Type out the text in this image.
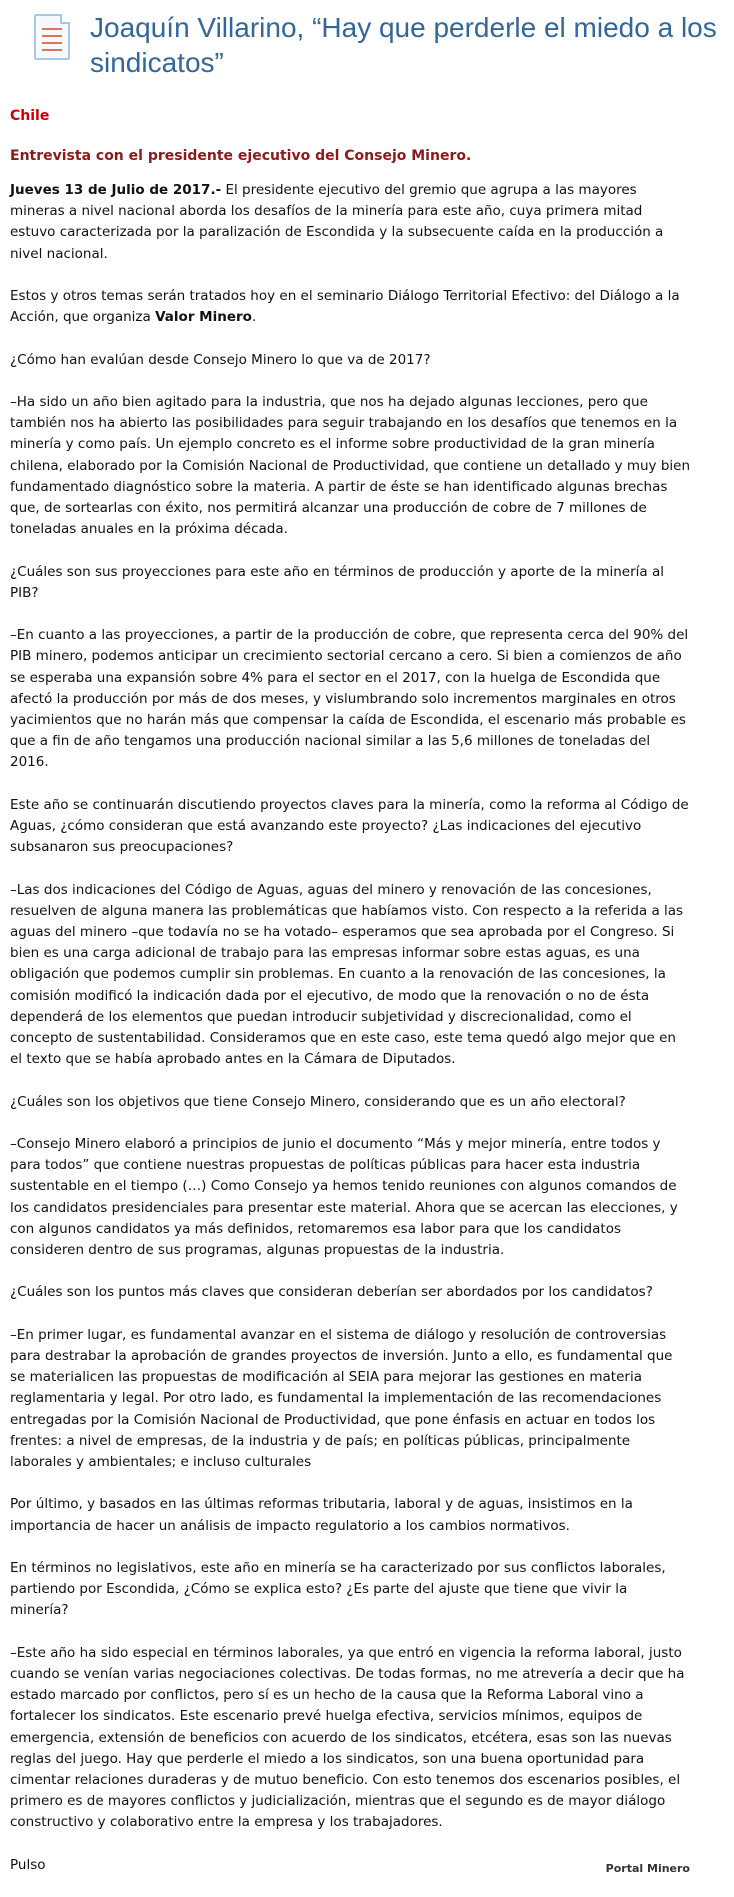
Joaquín Villarino, “Hay que perderle el miedo a los sindicatos”

Chile

Entrevista con el presidente ejecutivo del Consejo Minero.

Jueves 13 de Julio de 2017.- El presidente ejecutivo del gremio que agrupa a las mayores mineras a nivel nacional aborda los desafíos de la minería para este año, cuya primera mitad estuvo caracterizada por la paralización de Escondida y la subsecuente caída en la producción a nivel nacional.

Estos y otros temas serán tratados hoy en el seminario Diálogo Territorial Efectivo: del Diálogo a la Acción, que organiza Valor Minero.

¿Cómo han evalúan desde Consejo Minero lo que va de 2017?

–Ha sido un año bien agitado para la industria, que nos ha dejado algunas lecciones, pero que también nos ha abierto las posibilidades para seguir trabajando en los desafíos que tenemos en la minería y como país. Un ejemplo concreto es el informe sobre productividad de la gran minería chilena, elaborado por la Comisión Nacional de Productividad, que contiene un detallado y muy bien fundamentado diagnóstico sobre la materia. A partir de éste se han identificado algunas brechas que, de sortearlas con éxito, nos permitirá alcanzar una producción de cobre de 7 millones de toneladas anuales en la próxima década.

¿Cuáles son sus proyecciones para este año en términos de producción y aporte de la minería al PIB?

–En cuanto a las proyecciones, a partir de la producción de cobre, que representa cerca del 90% del PIB minero, podemos anticipar un crecimiento sectorial cercano a cero. Si bien a comienzos de año se esperaba una expansión sobre 4% para el sector en el 2017, con la huelga de Escondida que afectó la producción por más de dos meses, y vislumbrando solo incrementos marginales en otros yacimientos que no harán más que compensar la caída de Escondida, el escenario más probable es que a fin de año tengamos una producción nacional similar a las 5,6 millones de toneladas del 2016.

Este año se continuarán discutiendo proyectos claves para la minería, como la reforma al Código de Aguas, ¿cómo consideran que está avanzando este proyecto? ¿Las indicaciones del ejecutivo subsanaron sus preocupaciones?

–Las dos indicaciones del Código de Aguas, aguas del minero y renovación de las concesiones, resuelven de alguna manera las problemáticas que habíamos visto. Con respecto a la referida a las aguas del minero –que todavía no se ha votado– esperamos que sea aprobada por el Congreso. Si bien es una carga adicional de trabajo para las empresas informar sobre estas aguas, es una obligación que podemos cumplir sin problemas. En cuanto a la renovación de las concesiones, la comisión modificó la indicación dada por el ejecutivo, de modo que la renovación o no de ésta dependerá de los elementos que puedan introducir subjetividad y discrecionalidad, como el concepto de sustentabilidad. Consideramos que en este caso, este tema quedó algo mejor que en el texto que se había aprobado antes en la Cámara de Diputados.

¿Cuáles son los objetivos que tiene Consejo Minero, considerando que es un año electoral?

–Consejo Minero elaboró a principios de junio el documento “Más y mejor minería, entre todos y para todos” que contiene nuestras propuestas de políticas públicas para hacer esta industria sustentable en el tiempo (…) Como Consejo ya hemos tenido reuniones con algunos comandos de los candidatos presidenciales para presentar este material. Ahora que se acercan las elecciones, y con algunos candidatos ya más definidos, retomaremos esa labor para que los candidatos consideren dentro de sus programas, algunas propuestas de la industria.

¿Cuáles son los puntos más claves que consideran deberían ser abordados por los candidatos?

–En primer lugar, es fundamental avanzar en el sistema de diálogo y resolución de controversias para destrabar la aprobación de grandes proyectos de inversión. Junto a ello, es fundamental que se materialicen las propuestas de modificación al SEIA para mejorar las gestiones en materia reglamentaria y legal. Por otro lado, es fundamental la implementación de las recomendaciones entregadas por la Comisión Nacional de Productividad, que pone énfasis en actuar en todos los frentes: a nivel de empresas, de la industria y de país; en políticas públicas, principalmente laborales y ambientales; e incluso culturales

Por último, y basados en las últimas reformas tributaria, laboral y de aguas, insistimos en la importancia de hacer un análisis de impacto regulatorio a los cambios normativos.

En términos no legislativos, este año en minería se ha caracterizado por sus conflictos laborales, partiendo por Escondida, ¿Cómo se explica esto? ¿Es parte del ajuste que tiene que vivir la minería?

–Este año ha sido especial en términos laborales, ya que entró en vigencia la reforma laboral, justo cuando se venían varias negociaciones colectivas. De todas formas, no me atrevería a decir que ha estado marcado por conflictos, pero sí es un hecho de la causa que la Reforma Laboral vino a fortalecer los sindicatos. Este escenario prevé huelga efectiva, servicios mínimos, equipos de emergencia, extensión de beneficios con acuerdo de los sindicatos, etcétera, esas son las nuevas reglas del juego. Hay que perderle el miedo a los sindicatos, son una buena oportunidad para cimentar relaciones duraderas y de mutuo beneficio. Con esto tenemos dos escenarios posibles, el primero es de mayores conflictos y judicialización, mientras que el segundo es de mayor diálogo constructivo y colaborativo entre la empresa y los trabajadores.

Pulso	Portal Minero
